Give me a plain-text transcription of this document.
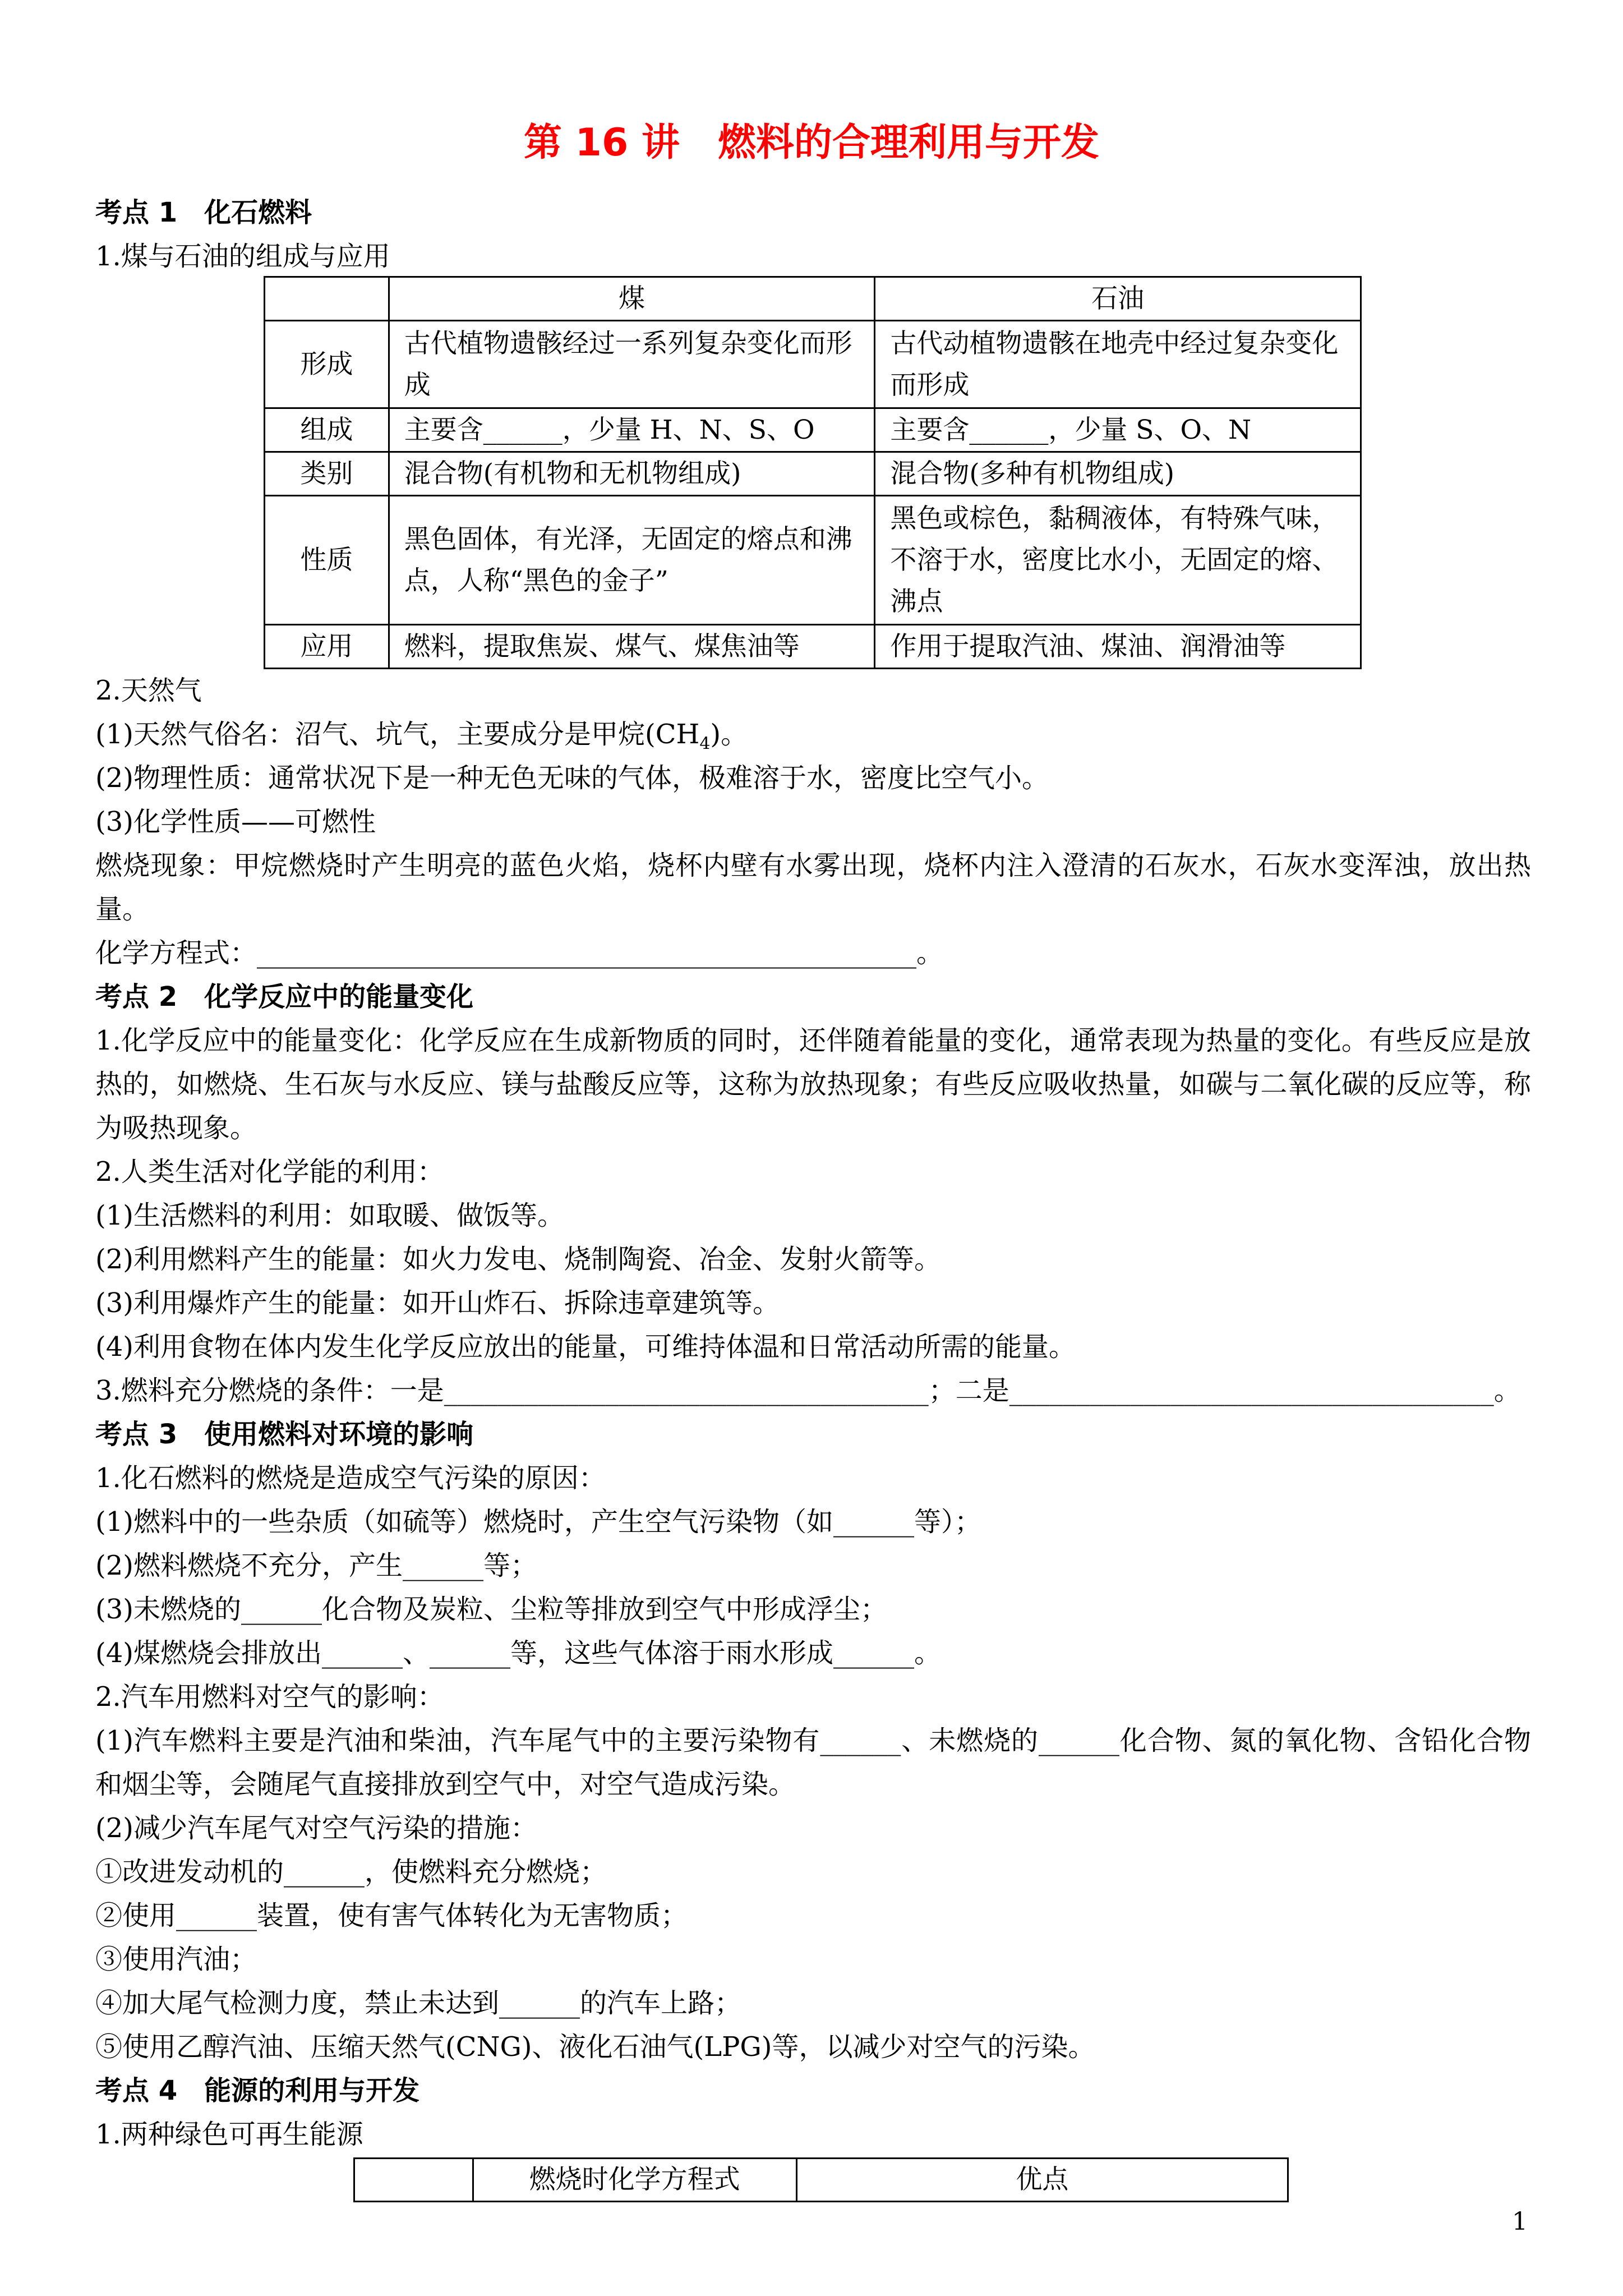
第 16 讲　燃料的合理利用与开发
考点 1　化石燃料
1.煤与石油的组成与应用
	煤	石油
形成	古代植物遗骸经过一系列复杂变化而形成	古代动植物遗骸在地壳中经过复杂变化而形成
组成	主要含______，少量 H、N、S、O	主要含______，少量 S、O、N
类别	混合物(有机物和无机物组成)	混合物(多种有机物组成)
性质	黑色固体，有光泽，无固定的熔点和沸点，人称“黑色的金子”	黑色或棕色，黏稠液体，有特殊气味，不溶于水，密度比水小，无固定的熔、沸点
应用	燃料，提取焦炭、煤气、煤焦油等	作用于提取汽油、煤油、润滑油等
2.天然气
(1)天然气俗名：沼气、坑气，主要成分是甲烷$(CH_4)$。
(2)物理性质：通常状况下是一种无色无味的气体，极难溶于水，密度比空气小。
(3)化学性质——可燃性
燃烧现象：甲烷燃烧时产生明亮的蓝色火焰，烧杯内壁有水雾出现，烧杯内注入澄清的石灰水，石灰水变浑浊，放出热量。
化学方程式：_________________________________________________。
考点 2　化学反应中的能量变化
1.化学反应中的能量变化：化学反应在生成新物质的同时，还伴随着能量的变化，通常表现为热量的变化。有些反应是放热的，如燃烧、生石灰与水反应、镁与盐酸反应等，这称为放热现象；有些反应吸收热量，如碳与二氧化碳的反应等，称为吸热现象。
2.人类生活对化学能的利用：
(1)生活燃料的利用：如取暖、做饭等。
(2)利用燃料产生的能量：如火力发电、烧制陶瓷、冶金、发射火箭等。
(3)利用爆炸产生的能量：如开山炸石、拆除违章建筑等。
(4)利用食物在体内发生化学反应放出的能量，可维持体温和日常活动所需的能量。
3.燃料充分燃烧的条件：一是____________________________________；二是____________________________________。
考点 3　使用燃料对环境的影响
1.化石燃料的燃烧是造成空气污染的原因：
(1)燃料中的一些杂质（如硫等）燃烧时，产生空气污染物（如______等）；
(2)燃料燃烧不充分，产生______等；
(3)未燃烧的______化合物及炭粒、尘粒等排放到空气中形成浮尘；
(4)煤燃烧会排放出______、______等，这些气体溶于雨水形成______。
2.汽车用燃料对空气的影响：
(1)汽车燃料主要是汽油和柴油，汽车尾气中的主要污染物有______、未燃烧的______化合物、氮的氧化物、含铅化合物和烟尘等，会随尾气直接排放到空气中，对空气造成污染。
(2)减少汽车尾气对空气污染的措施：
①改进发动机的______，使燃料充分燃烧；
②使用______装置，使有害气体转化为无害物质；
③使用汽油；
④加大尾气检测力度，禁止未达到______的汽车上路；
⑤使用乙醇汽油、压缩天然气(CNG)、液化石油气(LPG)等，以减少对空气的污染。
考点 4　能源的利用与开发
1.两种绿色可再生能源
	燃烧时化学方程式	优点
1
